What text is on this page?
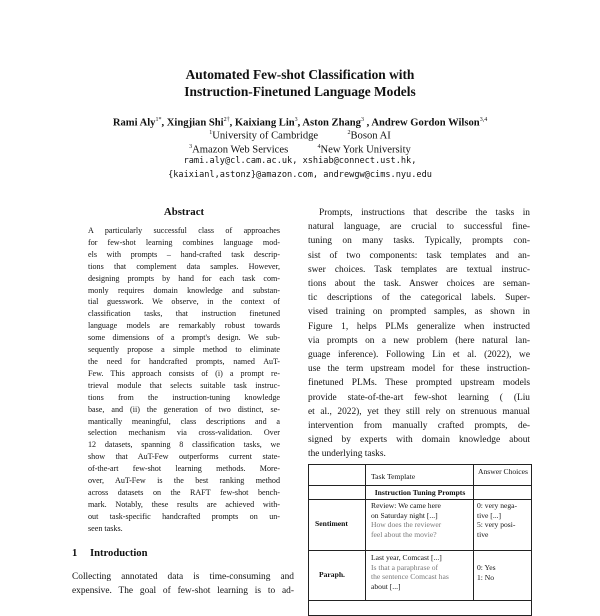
Automated Few-shot Classification with
Instruction-Finetuned Language Models
Rami Aly$^{1*}$, Xingjian Shi$^{2\dagger}$, Kaixiang Lin$^3$, Aston Zhang$^3$ , Andrew Gordon Wilson$^{3,4}$
$^1$University of Cambridge	$^2$Boson AI
$^3$Amazon Web Services	$^4$New York University
rami.aly@cl.cam.ac.uk, xshiab@connect.ust.hk,
{kaixianl,astonz}@amazon.com, andrewgw@cims.nyu.edu
Abstract
A particularly successful class of approaches
for few-shot learning combines language mod-
els with prompts – hand-crafted task descrip-
tions that complement data samples. However,
designing prompts by hand for each task com-
monly requires domain knowledge and substan-
tial guesswork. We observe, in the context of
classification tasks, that instruction finetuned
language models are remarkably robust towards
some dimensions of a prompt's design. We sub-
sequently propose a simple method to eliminate
the need for handcrafted prompts, named AuT-
Few. This approach consists of (i) a prompt re-
trieval module that selects suitable task instruc-
tions from the instruction-tuning knowledge
base, and (ii) the generation of two distinct, se-
mantically meaningful, class descriptions and a
selection mechanism via cross-validation. Over
12 datasets, spanning 8 classification tasks, we
show that AuT-Few outperforms current state-
of-the-art few-shot learning methods. More-
over, AuT-Few is the best ranking method
across datasets on the RAFT few-shot bench-
mark. Notably, these results are achieved with-
out task-specific handcrafted prompts on un-
seen tasks.
1 Introduction
Collecting annotated data is time-consuming and
expensive. The goal of few-shot learning is to ad-
Prompts, instructions that describe the tasks in
natural language, are crucial to successful fine-
tuning on many tasks. Typically, prompts con-
sist of two components: task templates and an-
swer choices. Task templates are textual instruc-
tions about the task. Answer choices are seman-
tic descriptions of the categorical labels. Super-
vised training on prompted samples, as shown in
Figure 1, helps PLMs generalize when instructed
via prompts on a new problem (here natural lan-
guage inference). Following Lin et al. (2022), we
use the term upstream model for these instruction-
finetuned PLMs. These prompted upstream models
provide state-of-the-art few-shot learning ( (Liu
et al., 2022), yet they still rely on strenuous manual
intervention from manually crafted prompts, de-
signed by experts with domain knowledge about
the underlying tasks.
Task Template
Answer Choices
Instruction Tuning Prompts
Sentiment
Review: We came here
on Saturday night [...]
How does the reviewer
feel about the movie?
0: very nega-
tive [...]
5: very posi-
tive
Paraph.
Last year, Comcast [...]
Is that a paraphrase of
the sentence Comcast has
about [...]
0: Yes
1: No
